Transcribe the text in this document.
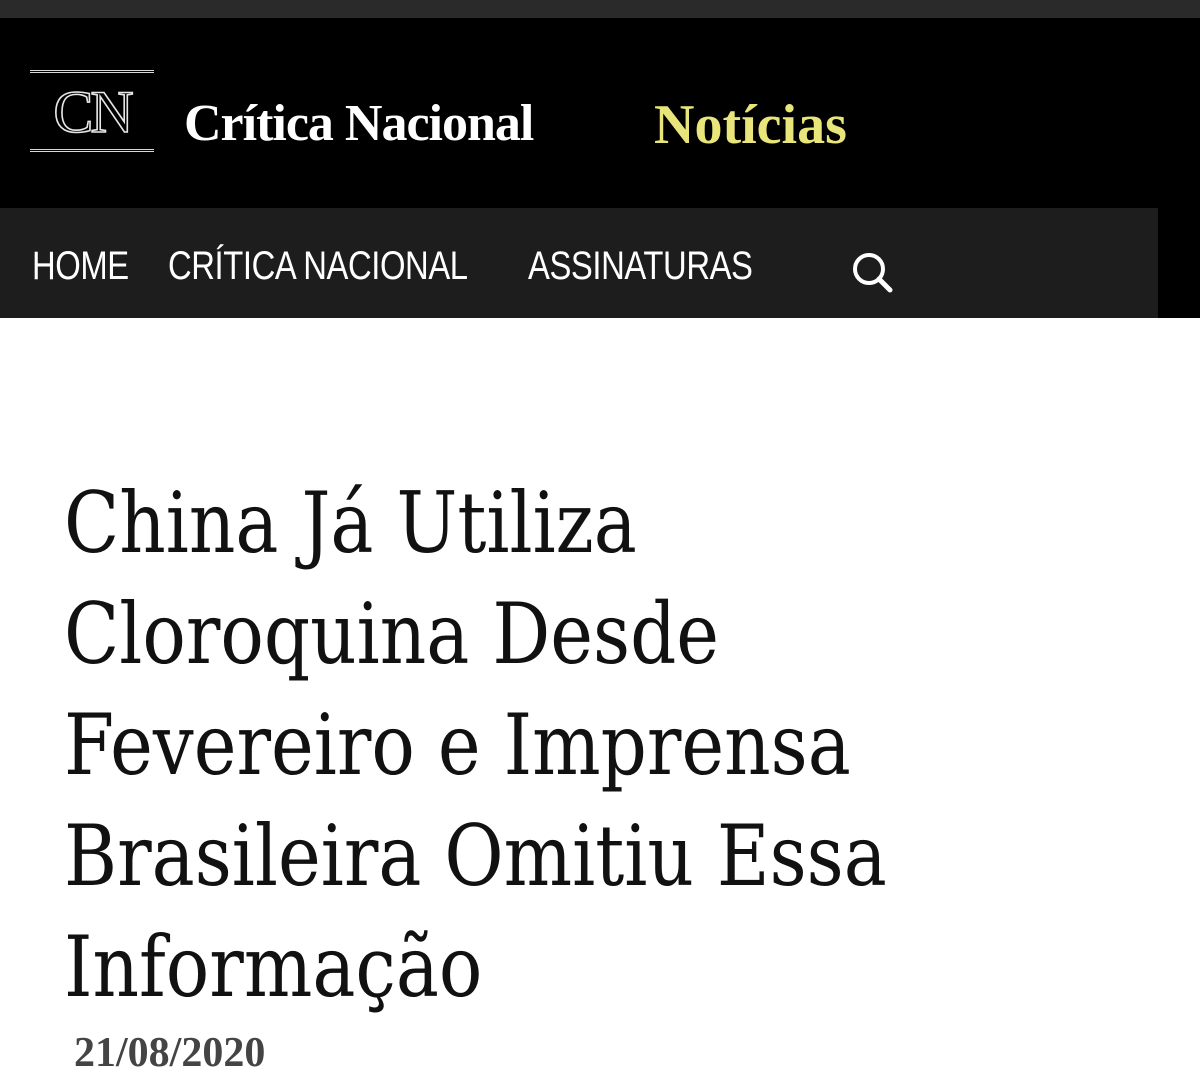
CN	Crítica Nacional Notícias
HOME CRÍTICA NACIONAL ASSINATURAS
China Já Utiliza Cloroquina Desde Fevereiro e Imprensa Brasileira Omitiu Essa Informação
21/08/2020
